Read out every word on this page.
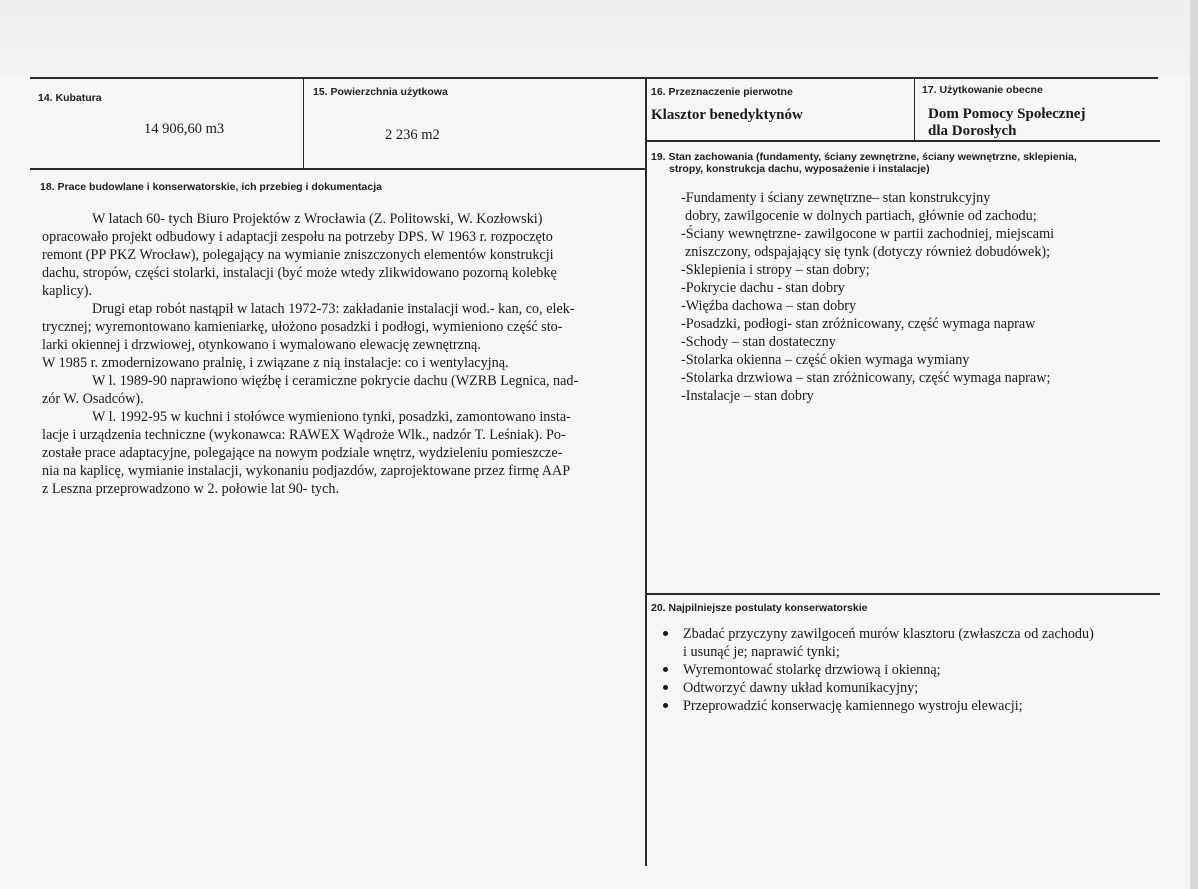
14. Kubatura
14 906,60 m3
15. Powierzchnia użytkowa
2 236 m2
16. Przeznaczenie pierwotne
Klasztor benedyktynów
17. Użytkowanie obecne
Dom Pomocy Społecznej
dla Dorosłych
18. Prace budowlane i konserwatorskie, ich przebieg i dokumentacja

W latach 60- tych Biuro Projektów z Wrocławia (Z. Politowski, W. Kozłowski)
opracowało projekt odbudowy i adaptacji zespołu na potrzeby DPS. W 1963 r. rozpoczęto
remont (PP PKZ Wrocław), polegający na wymianie zniszczonych elementów konstrukcji
dachu, stropów, części stolarki, instalacji (być może wtedy zlikwidowano pozorną kolebkę
kaplicy).

Drugi etap robót nastąpił w latach 1972-73: zakładanie instalacji wod.- kan, co, elek-
trycznej; wyremontowano kamieniarkę, ułożono posadzki i podłogi, wymieniono część sto-
larki okiennej i drzwiowej, otynkowano i wymalowano elewację zewnętrzną.

W 1985 r. zmodernizowano pralnię, i związane z nią instalacje: co i wentylacyjną.

W l. 1989-90 naprawiono więźbę i ceramiczne pokrycie dachu (WZRB Legnica, nad-
zór W. Osadców).

W l. 1992-95 w kuchni i stołówce wymieniono tynki, posadzki, zamontowano insta-
lacje i urządzenia techniczne (wykonawca: RAWEX Wądroże Wlk., nadzór T. Leśniak). Po-
zostałe prace adaptacyjne, polegające na nowym podziale wnętrz, wydzieleniu pomieszcze-
nia na kaplicę, wymianie instalacji, wykonaniu podjazdów, zaprojektowane przez firmę AAP
z Leszna przeprowadzono w 2. połowie lat 90- tych.

19. Stan zachowania (fundamenty, ściany zewnętrzne, ściany wewnętrzne, sklepienia,
stropy, konstrukcja dachu, wyposażenie i instalacje)
-Fundamenty i ściany zewnętrzne– stan konstrukcyjny
dobry, zawilgocenie w dolnych partiach, głównie od zachodu;
-Ściany wewnętrzne- zawilgocone w partii zachodniej, miejscami
zniszczony, odspajający się tynk (dotyczy również dobudówek);
-Sklepienia i stropy – stan dobry;
-Pokrycie dachu - stan dobry
-Więźba dachowa – stan dobry
-Posadzki, podłogi- stan zróżnicowany, część wymaga napraw
-Schody – stan dostateczny
-Stolarka okienna – część okien wymaga wymiany
-Stolarka drzwiowa – stan zróżnicowany, część wymaga napraw;
-Instalacje – stan dobry
20. Najpilniejsze postulaty konserwatorskie
Zbadać przyczyny zawilgoceń murów klasztoru (zwłaszcza od zachodu)
i usunąć je; naprawić tynki;
Wyremontować stolarkę drzwiową i okienną;
Odtworzyć dawny układ komunikacyjny;
Przeprowadzić konserwację kamiennego wystroju elewacji;
